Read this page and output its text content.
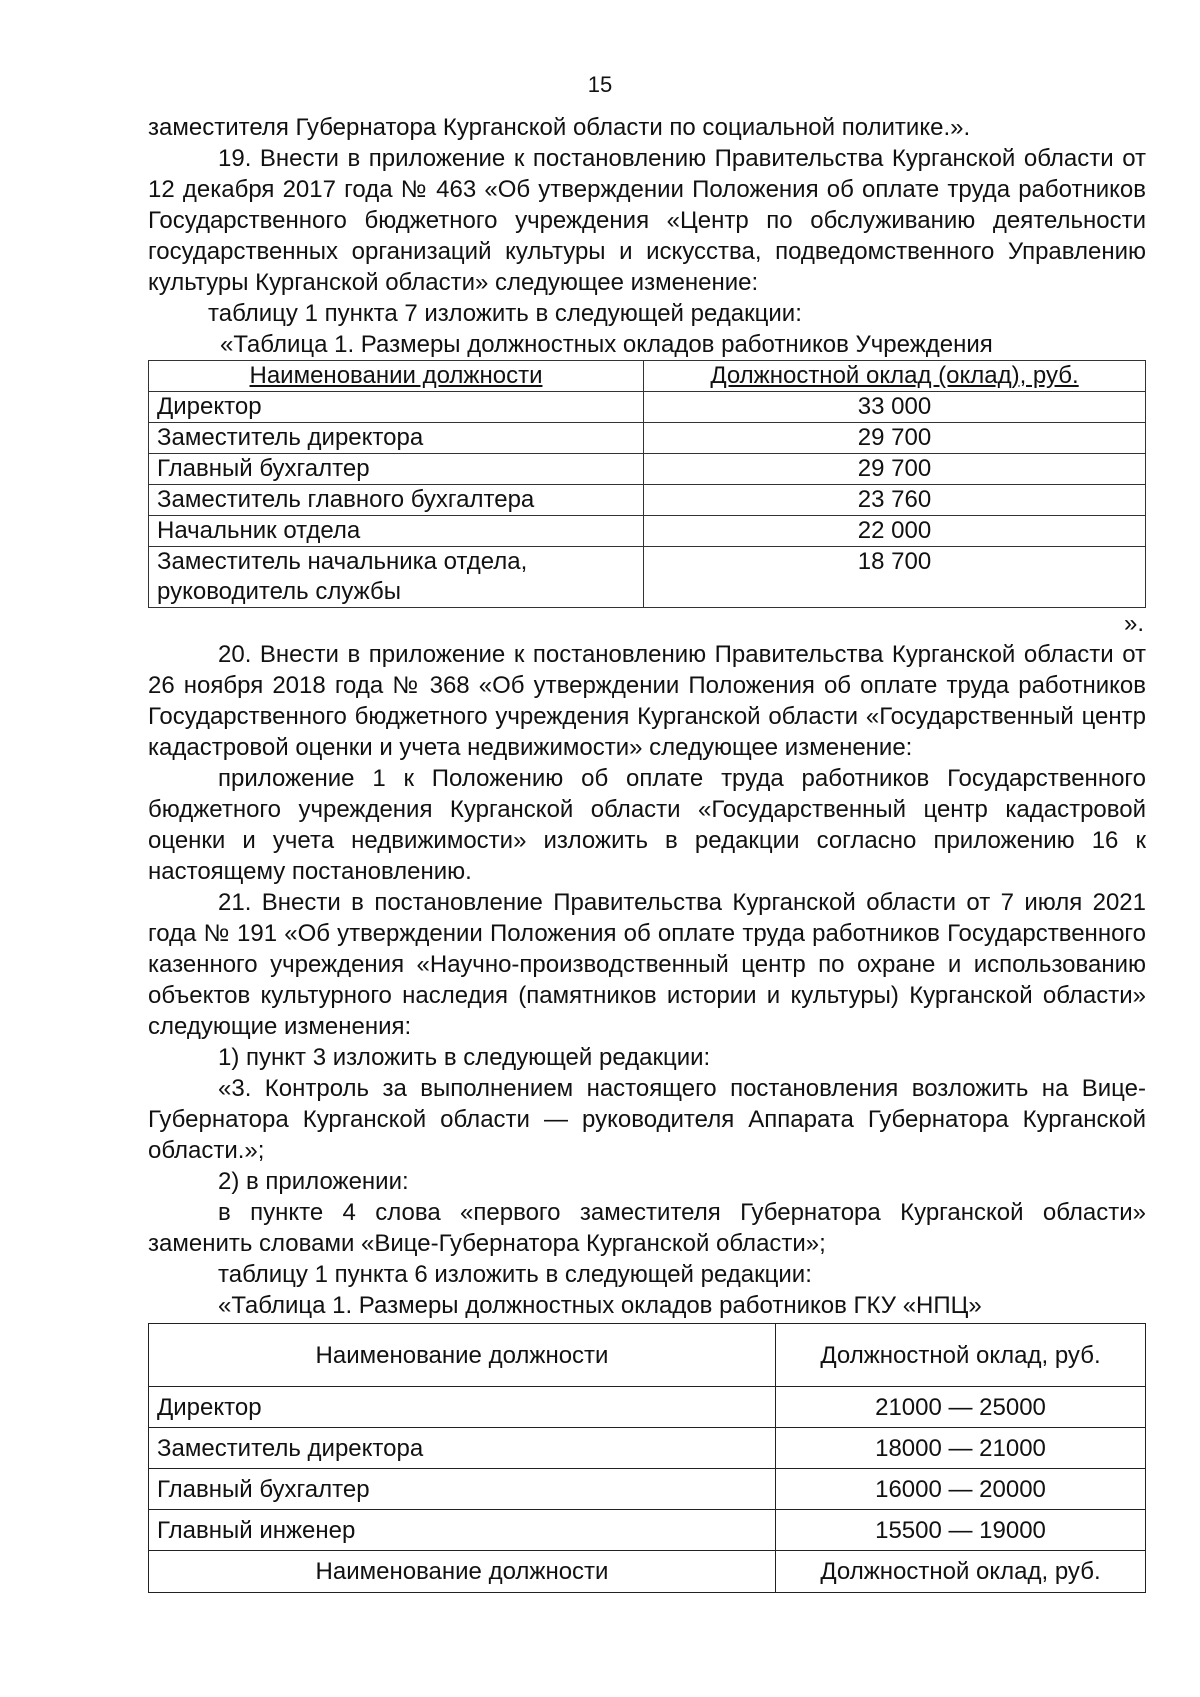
15

заместителя Губернатора Курганской области по социальной политике.».

19. Внести в приложение к постановлению Правительства Курганской области от 12 декабря 2017 года № 463 «Об утверждении Положения об оплате труда работников Государственного бюджетного учреждения «Центр по обслуживанию деятельности государственных организаций культуры и искусства, подведомственного Управлению культуры Курганской области» следующее изменение:

таблицу 1 пункта 7 изложить в следующей редакции:

«Таблица 1. Размеры должностных окладов работников Учреждения

Наименовании должности	Должностной оклад (оклад), руб.
Директор	33 000
Заместитель директора	29 700
Главный бухгалтер	29 700
Заместитель главного бухгалтера	23 760
Начальник отдела	22 000
Заместитель начальника отдела, руководитель службы	18 700

».

20. Внести в приложение к постановлению Правительства Курганской области от 26 ноября 2018 года № 368 «Об утверждении Положения об оплате труда работников Государственного бюджетного учреждения Курганской области «Государственный центр кадастровой оценки и учета недвижимости» следующее изменение:

приложение 1 к Положению об оплате труда работников Государственного бюджетного учреждения Курганской области «Государственный центр кадастровой оценки и учета недвижимости» изложить в редакции согласно приложению 16 к настоящему постановлению.

21. Внести в постановление Правительства Курганской области от 7 июля 2021 года № 191 «Об утверждении Положения об оплате труда работников Государственного казенного учреждения «Научно-производственный центр по охране и использованию объектов культурного наследия (памятников истории и культуры) Курганской области» следующие изменения:

1) пункт 3 изложить в следующей редакции:

«3. Контроль за выполнением настоящего постановления возложить на Вице-Губернатора Курганской области — руководителя Аппарата Губернатора Курганской области.»;

2) в приложении:

в пункте 4 слова «первого заместителя Губернатора Курганской области» заменить словами «Вице-Губернатора Курганской области»;

таблицу 1 пункта 6 изложить в следующей редакции:

«Таблица 1. Размеры должностных окладов работников ГКУ «НПЦ»

Наименование должности	Должностной оклад, руб.
Директор	21000 — 25000
Заместитель директора	18000 — 21000
Главный бухгалтер	16000 — 20000
Главный инженер	15500 — 19000
Наименование должности	Должностной оклад, руб.
